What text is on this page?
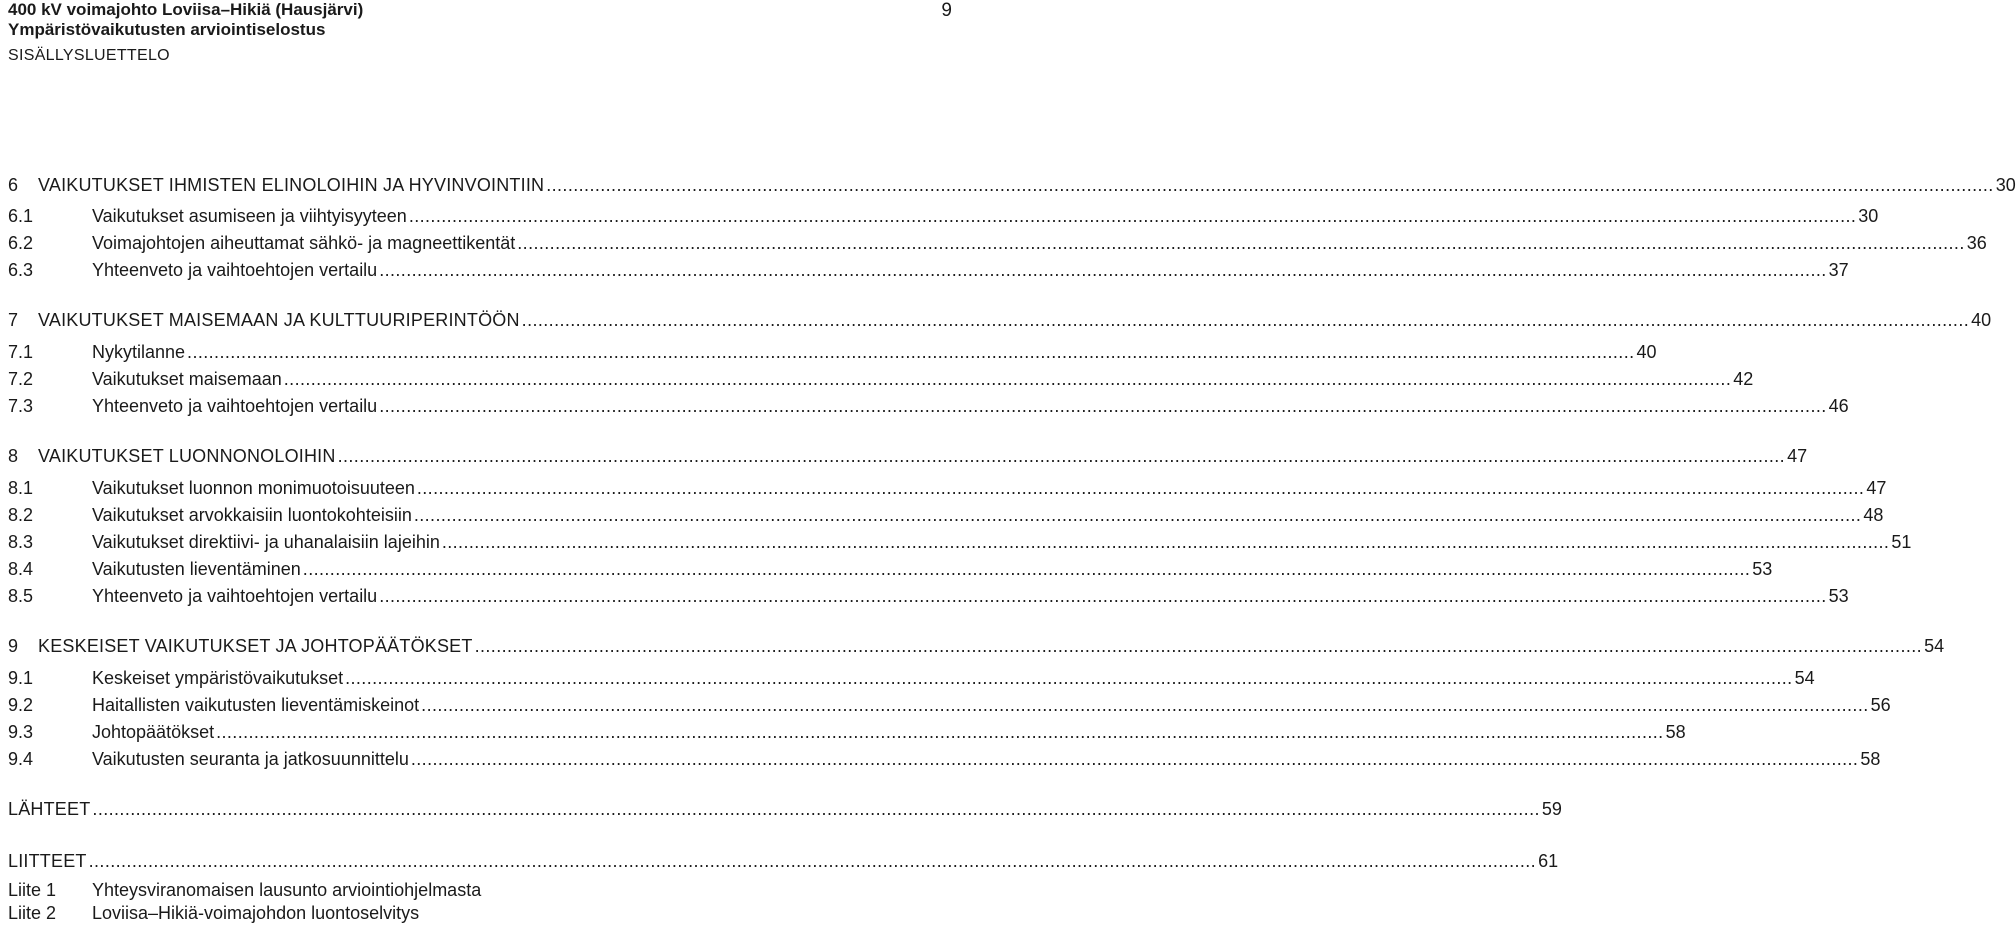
400 kV voimajohto Loviisa–Hikiä (Hausjärvi)
Ympäristövaikutusten arviointiselostus
SISÄLLYSLUETTELO
9
6	VAIKUTUKSET IHMISTEN ELINOLOIHIN JA HYVINVOINTIIN .....	30
6.1	Vaikutukset asumiseen ja viihtyisyyteen .....	30
6.2	Voimajohtojen aiheuttamat sähkö- ja magneettikentät .....	36
6.3	Yhteenveto ja vaihtoehtojen vertailu .....	37
7	VAIKUTUKSET MAISEMAAN JA KULTTUURIPERINTÖÖN .....	40
7.1	Nykytilanne .....	40
7.2	Vaikutukset maisemaan .....	42
7.3	Yhteenveto ja vaihtoehtojen vertailu .....	46
8	VAIKUTUKSET LUONNONOLOIHIN .....	47
8.1	Vaikutukset luonnon monimuotoisuuteen .....	47
8.2	Vaikutukset arvokkaisiin luontokohteisiin .....	48
8.3	Vaikutukset direktiivi- ja uhanalaisiin lajeihin .....	51
8.4	Vaikutusten lieventäminen .....	53
8.5	Yhteenveto ja vaihtoehtojen vertailu .....	53
9	KESKEISET VAIKUTUKSET JA JOHTOPÄÄTÖKSET .....	54
9.1	Keskeiset ympäristövaikutukset .....	54
9.2	Haitallisten vaikutusten lieventämiskeinot .....	56
9.3	Johtopäätökset .....	58
9.4	Vaikutusten seuranta ja jatkosuunnittelu .....	58
LÄHTEET .....	59
LIITTEET .....	61
Liite 1	Yhteysviranomaisen lausunto arviointiohjelmasta
Liite 2	Loviisa–Hikiä-voimajohdon luontoselvitys
